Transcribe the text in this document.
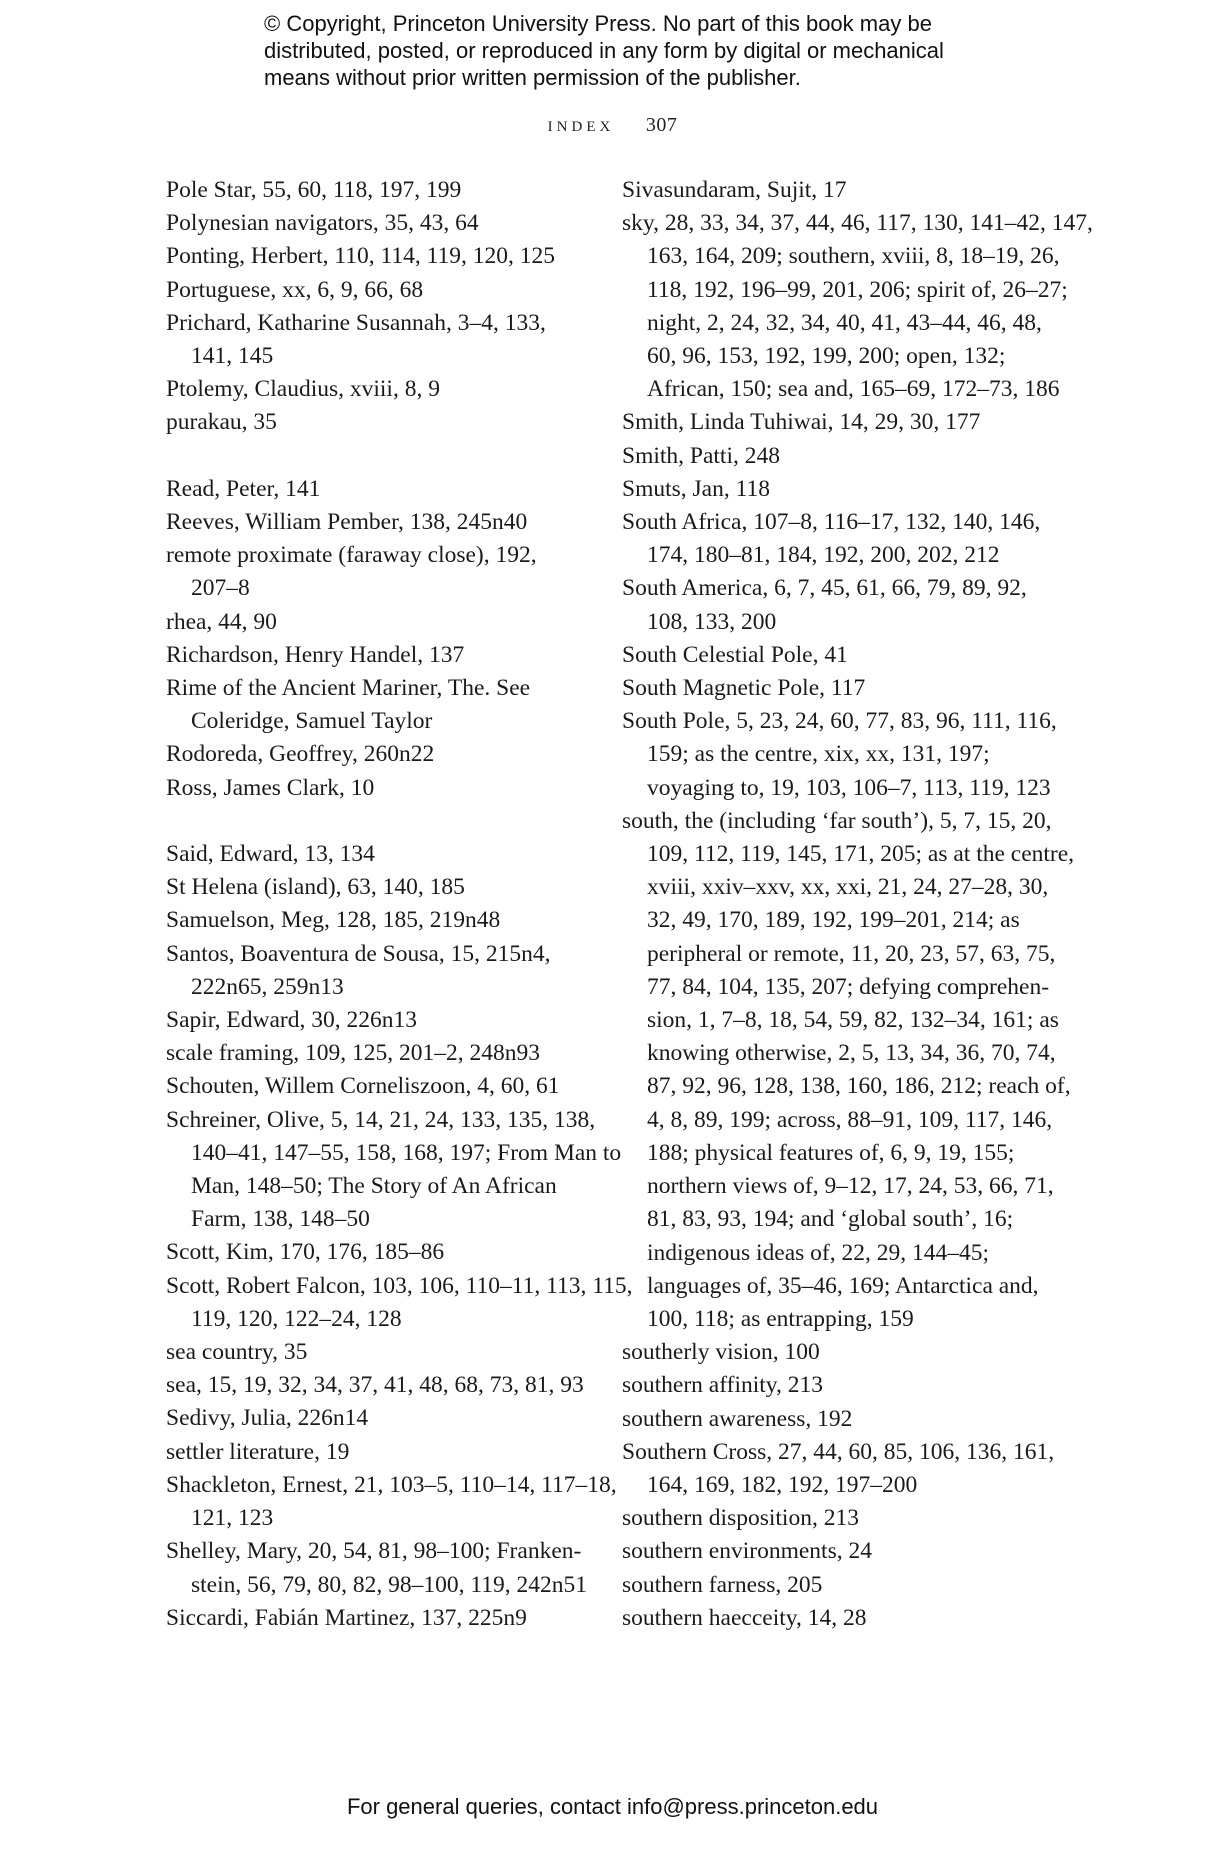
© Copyright, Princeton University Press. No part of this book may be
distributed, posted, or reproduced in any form by digital or mechanical
means without prior written permission of the publisher.
index 307
Pole Star, 55, 60, 118, 197, 199
Polynesian navigators, 35, 43, 64
Ponting, Herbert, 110, 114, 119, 120, 125
Portuguese, xx, 6, 9, 66, 68
Prichard, Katharine Susannah, 3–4, 133,
141, 145
Ptolemy, Claudius, xviii, 8, 9
purakau, 35
Read, Peter, 141
Reeves, William Pember, 138, 245n40
remote proximate (faraway close), 192,
207–8
rhea, 44, 90
Richardson, Henry Handel, 137
Rime of the Ancient Mariner, The. See
Coleridge, Samuel Taylor
Rodoreda, Geoffrey, 260n22
Ross, James Clark, 10
Said, Edward, 13, 134
St Helena (island), 63, 140, 185
Samuelson, Meg, 128, 185, 219n48
Santos, Boaventura de Sousa, 15, 215n4,
222n65, 259n13
Sapir, Edward, 30, 226n13
scale framing, 109, 125, 201–2, 248n93
Schouten, Willem Corneliszoon, 4, 60, 61
Schreiner, Olive, 5, 14, 21, 24, 133, 135, 138,
140–41, 147–55, 158, 168, 197; From Man to
Man, 148–50; The Story of An African
Farm, 138, 148–50
Scott, Kim, 170, 176, 185–86
Scott, Robert Falcon, 103, 106, 110–11, 113, 115,
119, 120, 122–24, 128
sea country, 35
sea, 15, 19, 32, 34, 37, 41, 48, 68, 73, 81, 93
Sedivy, Julia, 226n14
settler literature, 19
Shackleton, Ernest, 21, 103–5, 110–14, 117–18,
121, 123
Shelley, Mary, 20, 54, 81, 98–100; Franken-
stein, 56, 79, 80, 82, 98–100, 119, 242n51
Siccardi, Fabián Martinez, 137, 225n9
Sivasundaram, Sujit, 17
sky, 28, 33, 34, 37, 44, 46, 117, 130, 141–42, 147,
163, 164, 209; southern, xviii, 8, 18–19, 26,
118, 192, 196–99, 201, 206; spirit of, 26–27;
night, 2, 24, 32, 34, 40, 41, 43–44, 46, 48,
60, 96, 153, 192, 199, 200; open, 132;
African, 150; sea and, 165–69, 172–73, 186
Smith, Linda Tuhiwai, 14, 29, 30, 177
Smith, Patti, 248
Smuts, Jan, 118
South Africa, 107–8, 116–17, 132, 140, 146,
174, 180–81, 184, 192, 200, 202, 212
South America, 6, 7, 45, 61, 66, 79, 89, 92,
108, 133, 200
South Celestial Pole, 41
South Magnetic Pole, 117
South Pole, 5, 23, 24, 60, 77, 83, 96, 111, 116,
159; as the centre, xix, xx, 131, 197;
voyaging to, 19, 103, 106–7, 113, 119, 123
south, the (including ‘far south’), 5, 7, 15, 20,
109, 112, 119, 145, 171, 205; as at the centre,
xviii, xxiv–xxv, xx, xxi, 21, 24, 27–28, 30,
32, 49, 170, 189, 192, 199–201, 214; as
peripheral or remote, 11, 20, 23, 57, 63, 75,
77, 84, 104, 135, 207; defying comprehen-
sion, 1, 7–8, 18, 54, 59, 82, 132–34, 161; as
knowing otherwise, 2, 5, 13, 34, 36, 70, 74,
87, 92, 96, 128, 138, 160, 186, 212; reach of,
4, 8, 89, 199; across, 88–91, 109, 117, 146,
188; physical features of, 6, 9, 19, 155;
northern views of, 9–12, 17, 24, 53, 66, 71,
81, 83, 93, 194; and ‘global south’, 16;
indigenous ideas of, 22, 29, 144–45;
languages of, 35–46, 169; Antarctica and,
100, 118; as entrapping, 159
southerly vision, 100
southern affinity, 213
southern awareness, 192
Southern Cross, 27, 44, 60, 85, 106, 136, 161,
164, 169, 182, 192, 197–200
southern disposition, 213
southern environments, 24
southern farness, 205
southern haecceity, 14, 28
For general queries, contact info@press.princeton.edu
